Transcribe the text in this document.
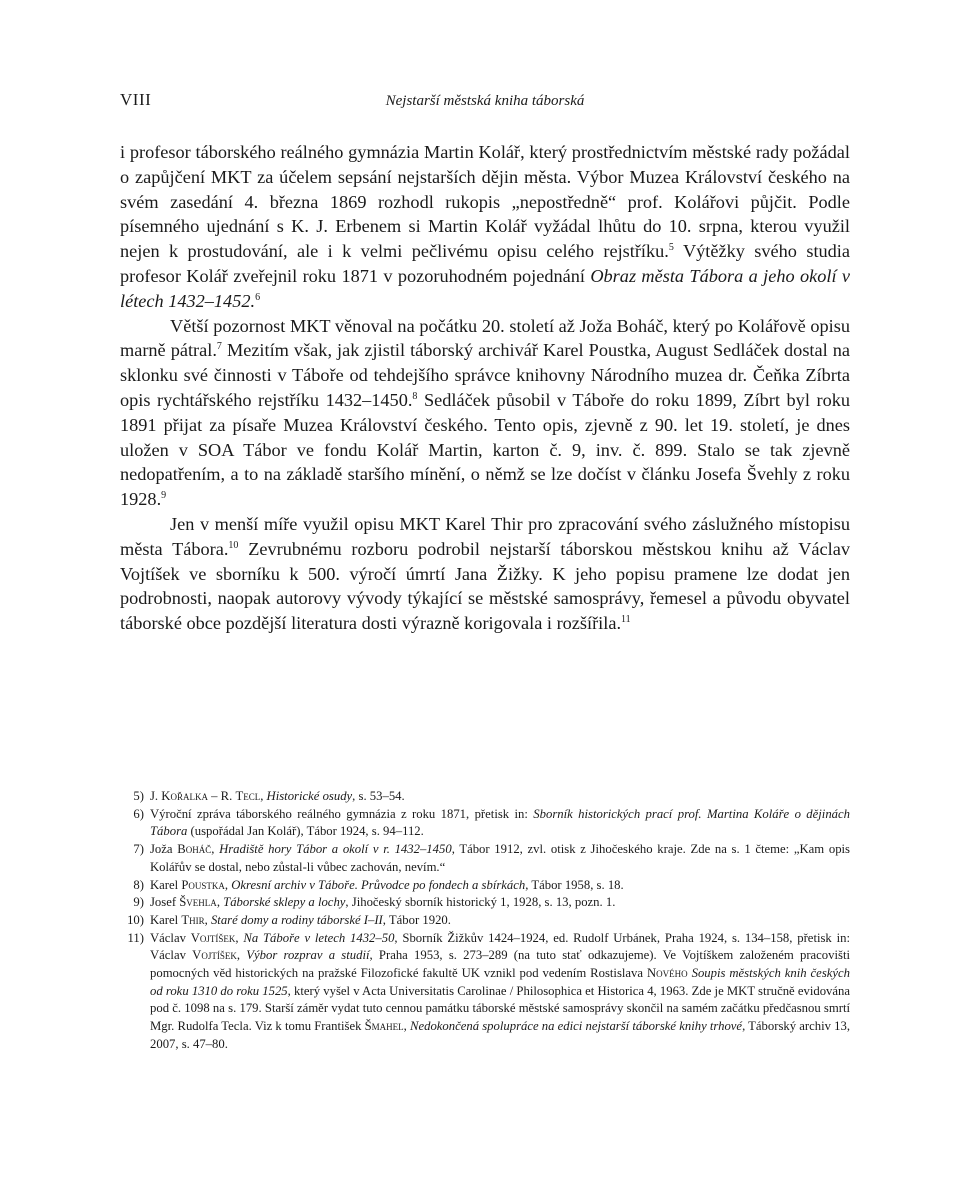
VIII	Nejstarší městská kniha táborská

i profesor táborského reálného gymnázia Martin Kolář, který prostřednictvím městské rady požádal o zapůjčení MKT za účelem sepsání nejstarších dějin města. Výbor Muzea Království českého na svém zasedání 4. března 1869 rozhodl rukopis „nepostředně“ prof. Kolářovi půjčit. Podle písemného ujednání s K. J. Erbenem si Martin Kolář vyžádal lhůtu do 10. srpna, kterou využil nejen k prostudování, ale i k velmi pečlivému opisu celého rejstříku.$^5$ Výtěžky svého studia profesor Kolář zveřejnil roku 1871 v pozoruhodném pojednání Obraz města Tábora a jeho okolí v létech 1432–1452.$^6$

Větší pozornost MKT věnoval na počátku 20. století až Joža Boháč, který po Kolářově opisu marně pátral.$^7$ Mezitím však, jak zjistil táborský archivář Karel Poustka, August Sedláček dostal na sklonku své činnosti v Táboře od tehdejšího správce knihovny Národního muzea dr. Čeňka Zíbrta opis rychtářského rejstříku 1432–1450.$^8$ Sedláček působil v Táboře do roku 1899, Zíbrt byl roku 1891 přijat za písaře Muzea Království českého. Tento opis, zjevně z 90. let 19. století, je dnes uložen v SOA Tábor ve fondu Kolář Martin, karton č. 9, inv. č. 899. Stalo se tak zjevně nedopatřením, a to na základě staršího mínění, o němž se lze dočíst v článku Josefa Švehly z roku 1928.$^9$

Jen v menší míře využil opisu MKT Karel Thir pro zpracování svého záslužného místopisu města Tábora.$^{10}$ Zevrubnému rozboru podrobil nejstarší táborskou městskou knihu až Václav Vojtíšek ve sborníku k 500. výročí úmrtí Jana Žižky. K jeho popisu pramene lze dodat jen podrobnosti, naopak autorovy vývody týkající se městské samosprávy, řemesel a původu obyvatel táborské obce pozdější literatura dosti výrazně korigovala i rozšířila.$^{11}$

5) J. Kořalka – R. Tecl, Historické osudy, s. 53–54.
6) Výroční zpráva táborského reálného gymnázia z roku 1871, přetisk in: Sborník historických prací prof. Martina Koláře o dějinách Tábora (uspořádal Jan Kolář), Tábor 1924, s. 94–112.
7) Joža Boháč, Hradiště hory Tábor a okolí v r. 1432–1450, Tábor 1912, zvl. otisk z Jihočeského kraje. Zde na s. 1 čteme: „Kam opis Kolářův se dostal, nebo zůstal-li vůbec zachován, nevím.“
8) Karel Poustka, Okresní archiv v Táboře. Průvodce po fondech a sbírkách, Tábor 1958, s. 18.
9) Josef Švehla, Táborské sklepy a lochy, Jihočeský sborník historický 1, 1928, s. 13, pozn. 1.
10) Karel Thir, Staré domy a rodiny táborské I–II, Tábor 1920.
11) Václav Vojtíšek, Na Táboře v letech 1432–50, Sborník Žižkův 1424–1924, ed. Rudolf Urbánek, Praha 1924, s. 134–158, přetisk in: Václav Vojtíšek, Výbor rozprav a studií, Praha 1953, s. 273–289 (na tuto stať odkazujeme). Ve Vojtíškem založeném pracovišti pomocných věd historických na pražské Filozofické fakultě UK vznikl pod vedením Rostislava Nového Soupis městských knih českých od roku 1310 do roku 1525, který vyšel v Acta Universitatis Carolinae / Philosophica et Historica 4, 1963. Zde je MKT stručně evidována pod č. 1098 na s. 179. Starší záměr vydat tuto cennou památku táborské městské samosprávy skončil na samém začátku předčasnou smrtí Mgr. Rudolfa Tecla. Viz k tomu František Šmahel, Nedokončená spolupráce na edici nejstarší táborské knihy trhové, Táborský archiv 13, 2007, s. 47–80.
